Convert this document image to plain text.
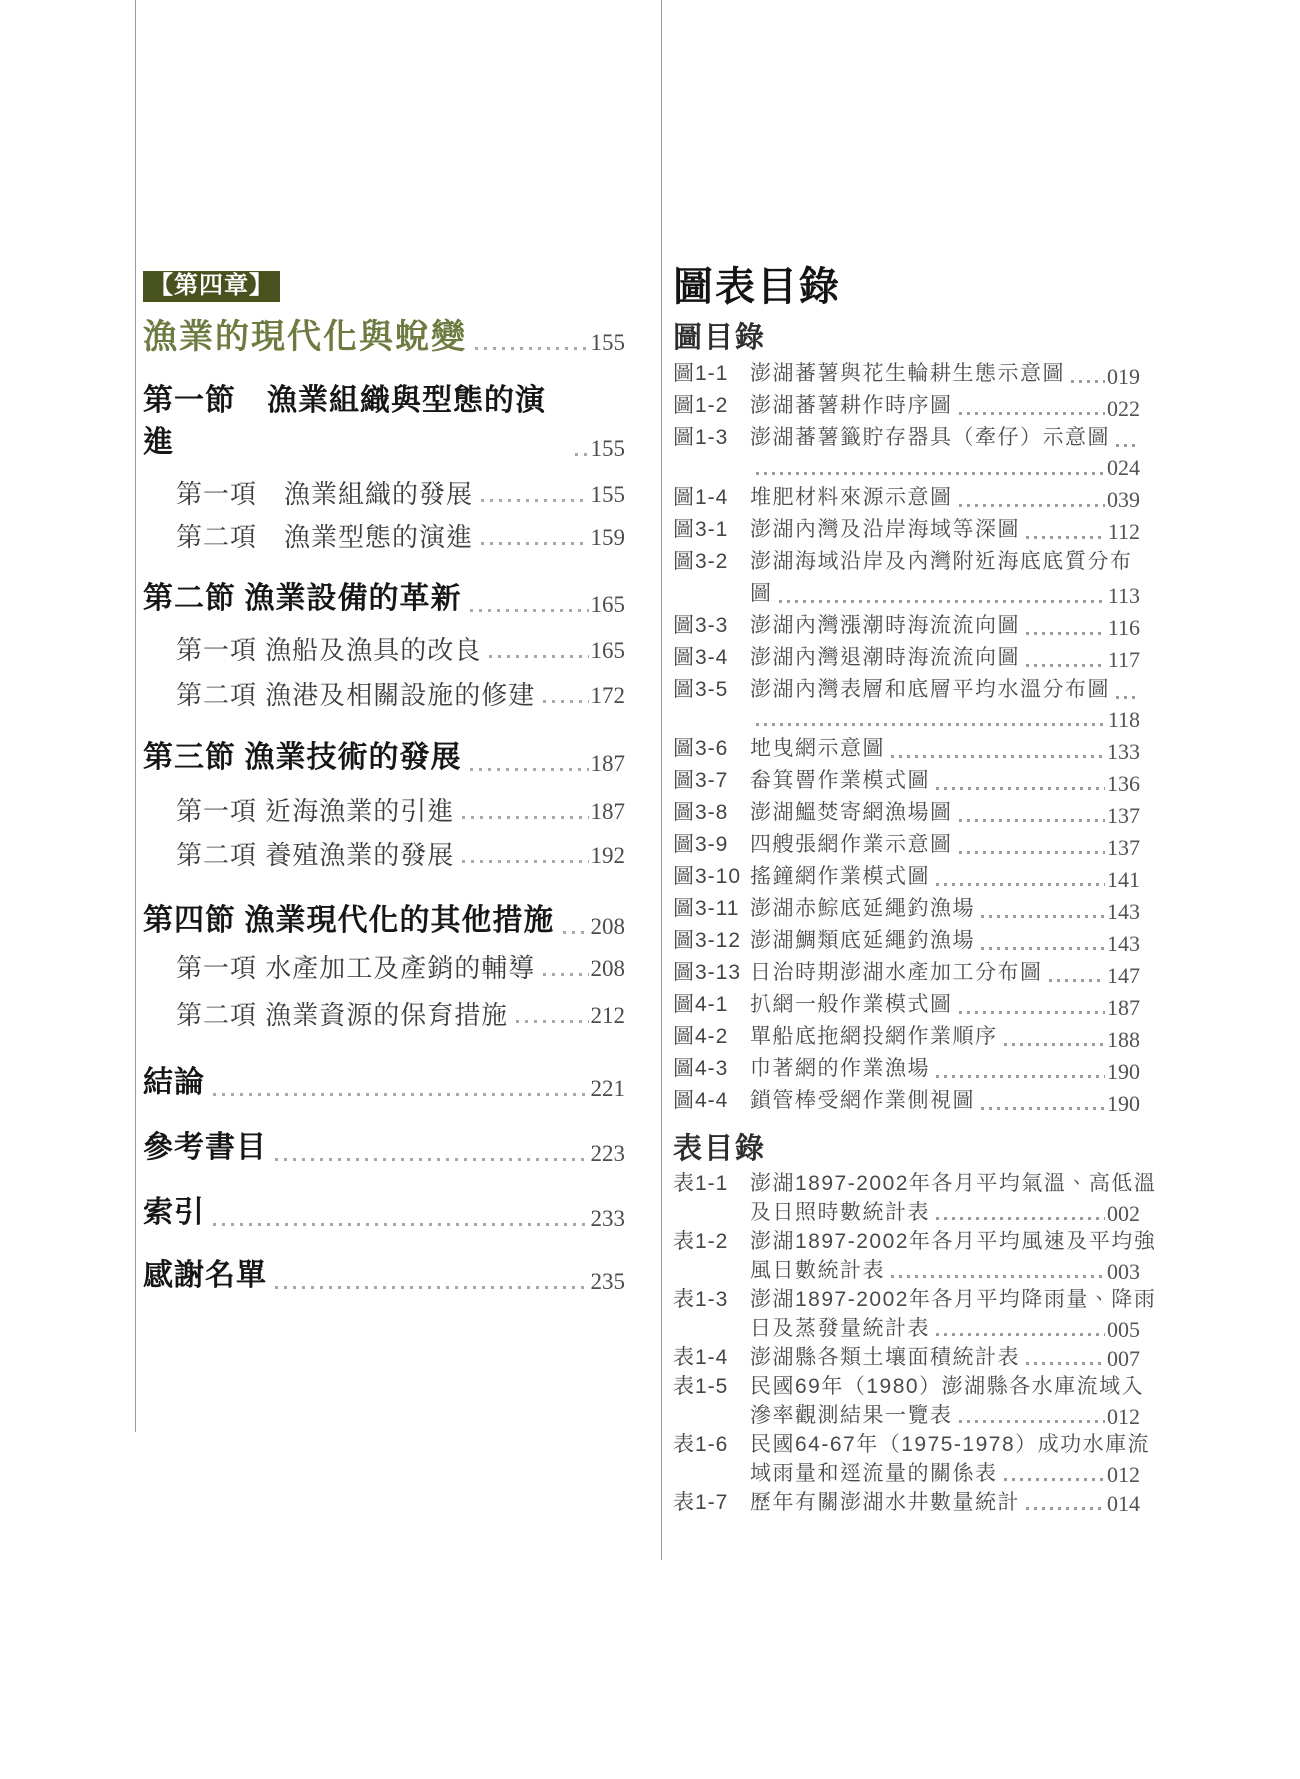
【第四章】
漁業的現代化與蛻變	155
第一節　漁業組織與型態的演進	155
第一項　漁業組織的發展	155
第二項　漁業型態的演進	159
第二節 漁業設備的革新	165
第一項 漁船及漁具的改良	165
第二項 漁港及相關設施的修建 172
第三節 漁業技術的發展	187
第一項 近海漁業的引進	187
第二項 養殖漁業的發展	192
第四節 漁業現代化的其他措施 208
第一項 水產加工及產銷的輔導 208
第二項 漁業資源的保育措施	212
結論	221
參考書目	223
索引	233
感謝名單	235
圖表目錄
圖目錄
圖1-1	澎湖蕃薯與花生輪耕生態示意圖 019
圖1-2	澎湖蕃薯耕作時序圖	022
圖1-3	澎湖蕃薯籤貯存器具（牽仔）示意圖
024
圖1-4	堆肥材料來源示意圖	039
圖3-1	澎湖內灣及沿岸海域等深圖	112
圖3-2	澎湖海域沿岸及內灣附近海底底質分布
圖	113
圖3-3	澎湖內灣漲潮時海流流向圖	116
圖3-4	澎湖內灣退潮時海流流向圖	117
圖3-5	澎湖內灣表層和底層平均水溫分布圖
118
圖3-6	地曳網示意圖	133
圖3-7	畚箕罾作業模式圖	136
圖3-8	澎湖鰮焚寄網漁場圖	137
圖3-9	四艘張網作業示意圖	137
圖3-10 搖鐘網作業模式圖	141
圖3-11 澎湖赤鯮底延繩釣漁場	143
圖3-12 澎湖鯛類底延繩釣漁場	143
圖3-13 日治時期澎湖水產加工分布圖	147
圖4-1	扒網一般作業模式圖	187
圖4-2	單船底拖網投網作業順序	188
圖4-3	巾著網的作業漁場	190
圖4-4	鎖管棒受網作業側視圖	190
表目錄
表1-1	澎湖1897-2002年各月平均氣溫、高低溫
及日照時數統計表	002
表1-2	澎湖1897-2002年各月平均風速及平均強
風日數統計表	003
表1-3	澎湖1897-2002年各月平均降雨量、降雨
日及蒸發量統計表	005
表1-4	澎湖縣各類土壤面積統計表	007
表1-5	民國69年（1980）澎湖縣各水庫流域入
滲率觀測結果一覽表	012
表1-6	民國64-67年（1975-1978）成功水庫流
域雨量和逕流量的關係表	012
表1-7	歷年有關澎湖水井數量統計	014
